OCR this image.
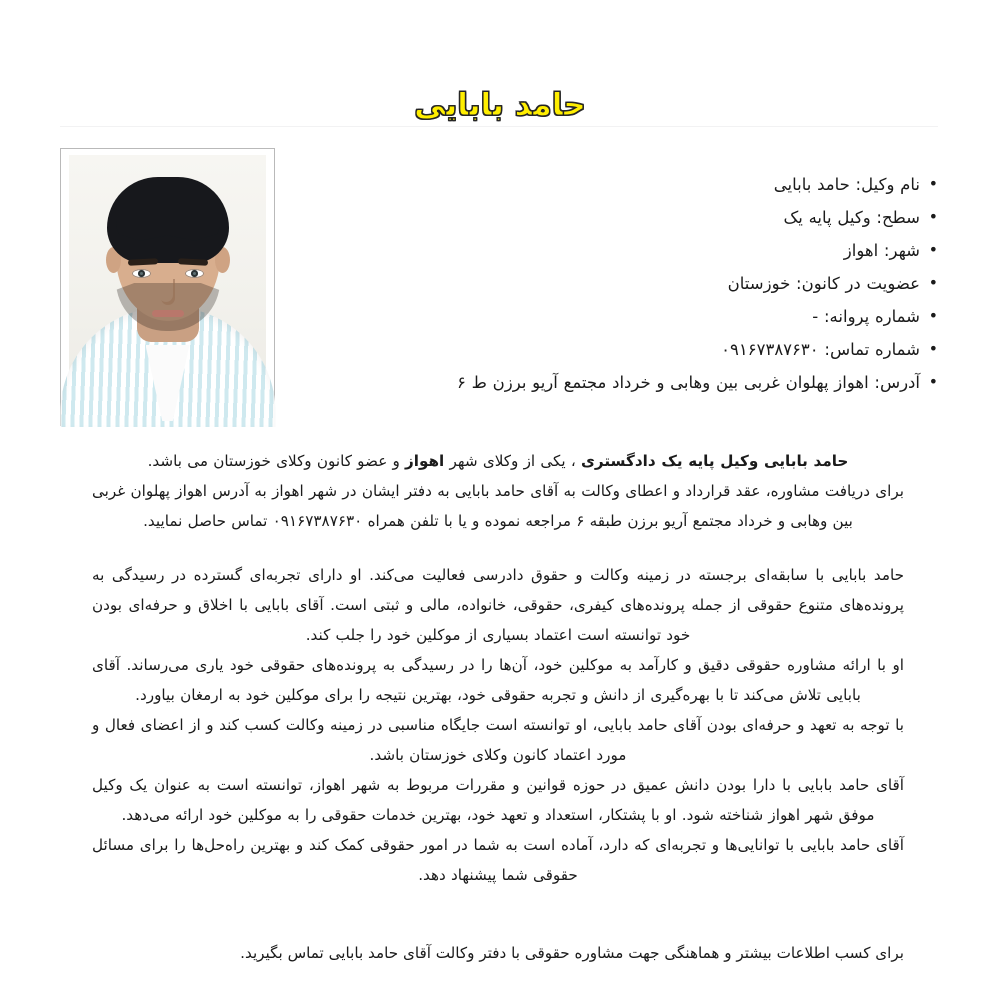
حامد بابایی
• نام وکیل: حامد بابایی
• سطح: وکیل پایه یک
• شهر: اهواز
• عضویت در کانون: خوزستان
• شماره پروانه: -
• شماره تماس: ۰۹۱۶۷۳۸۷۶۳۰
• آدرس: اهواز پهلوان غربی بین وهابی و خرداد مجتمع آریو برزن ط ۶

حامد بابایی وکیل پایه یک دادگستری ، یکی از وکلای شهر اهواز و عضو کانون وکلای خوزستان می باشد.

برای دریافت مشاوره، عقد قرارداد و اعطای وکالت به آقای حامد بابایی به دفتر ایشان در شهر اهواز به آدرس اهواز پهلوان غربی بین وهابی و خرداد مجتمع آریو برزن طبقه ۶ مراجعه نموده و یا با تلفن همراه ۰۹۱۶۷۳۸۷۶۳۰ تماس حاصل نمایید.

حامد بابایی با سابقه‌ای برجسته در زمینه وکالت و حقوق دادرسی فعالیت می‌کند. او دارای تجربه‌ای گسترده در رسیدگی به پرونده‌های متنوع حقوقی از جمله پرونده‌های کیفری، حقوقی، خانواده، مالی و ثبتی است. آقای بابایی با اخلاق و حرفه‌ای بودن خود توانسته است اعتماد بسیاری از موکلین خود را جلب کند.

او با ارائه مشاوره حقوقی دقیق و کارآمد به موکلین خود، آن‌ها را در رسیدگی به پرونده‌های حقوقی خود یاری می‌رساند. آقای بابایی تلاش می‌کند تا با بهره‌گیری از دانش و تجربه حقوقی خود، بهترین نتیجه را برای موکلین خود به ارمغان بیاورد.

با توجه به تعهد و حرفه‌ای بودن آقای حامد بابایی، او توانسته است جایگاه مناسبی در زمینه وکالت کسب کند و از اعضای فعال و مورد اعتماد کانون وکلای خوزستان باشد.

آقای حامد بابایی با دارا بودن دانش عمیق در حوزه قوانین و مقررات مربوط به شهر اهواز، توانسته است به عنوان یک وکیل موفق شهر اهواز شناخته شود. او با پشتکار، استعداد و تعهد خود، بهترین خدمات حقوقی را به موکلین خود ارائه می‌دهد.

آقای حامد بابایی با توانایی‌ها و تجربه‌ای که دارد، آماده است به شما در امور حقوقی کمک کند و بهترین راه‌حل‌ها را برای مسائل حقوقی شما پیشنهاد دهد.

برای کسب اطلاعات بیشتر و هماهنگی جهت مشاوره حقوقی با دفتر وکالت آقای حامد بابایی تماس بگیرید.
